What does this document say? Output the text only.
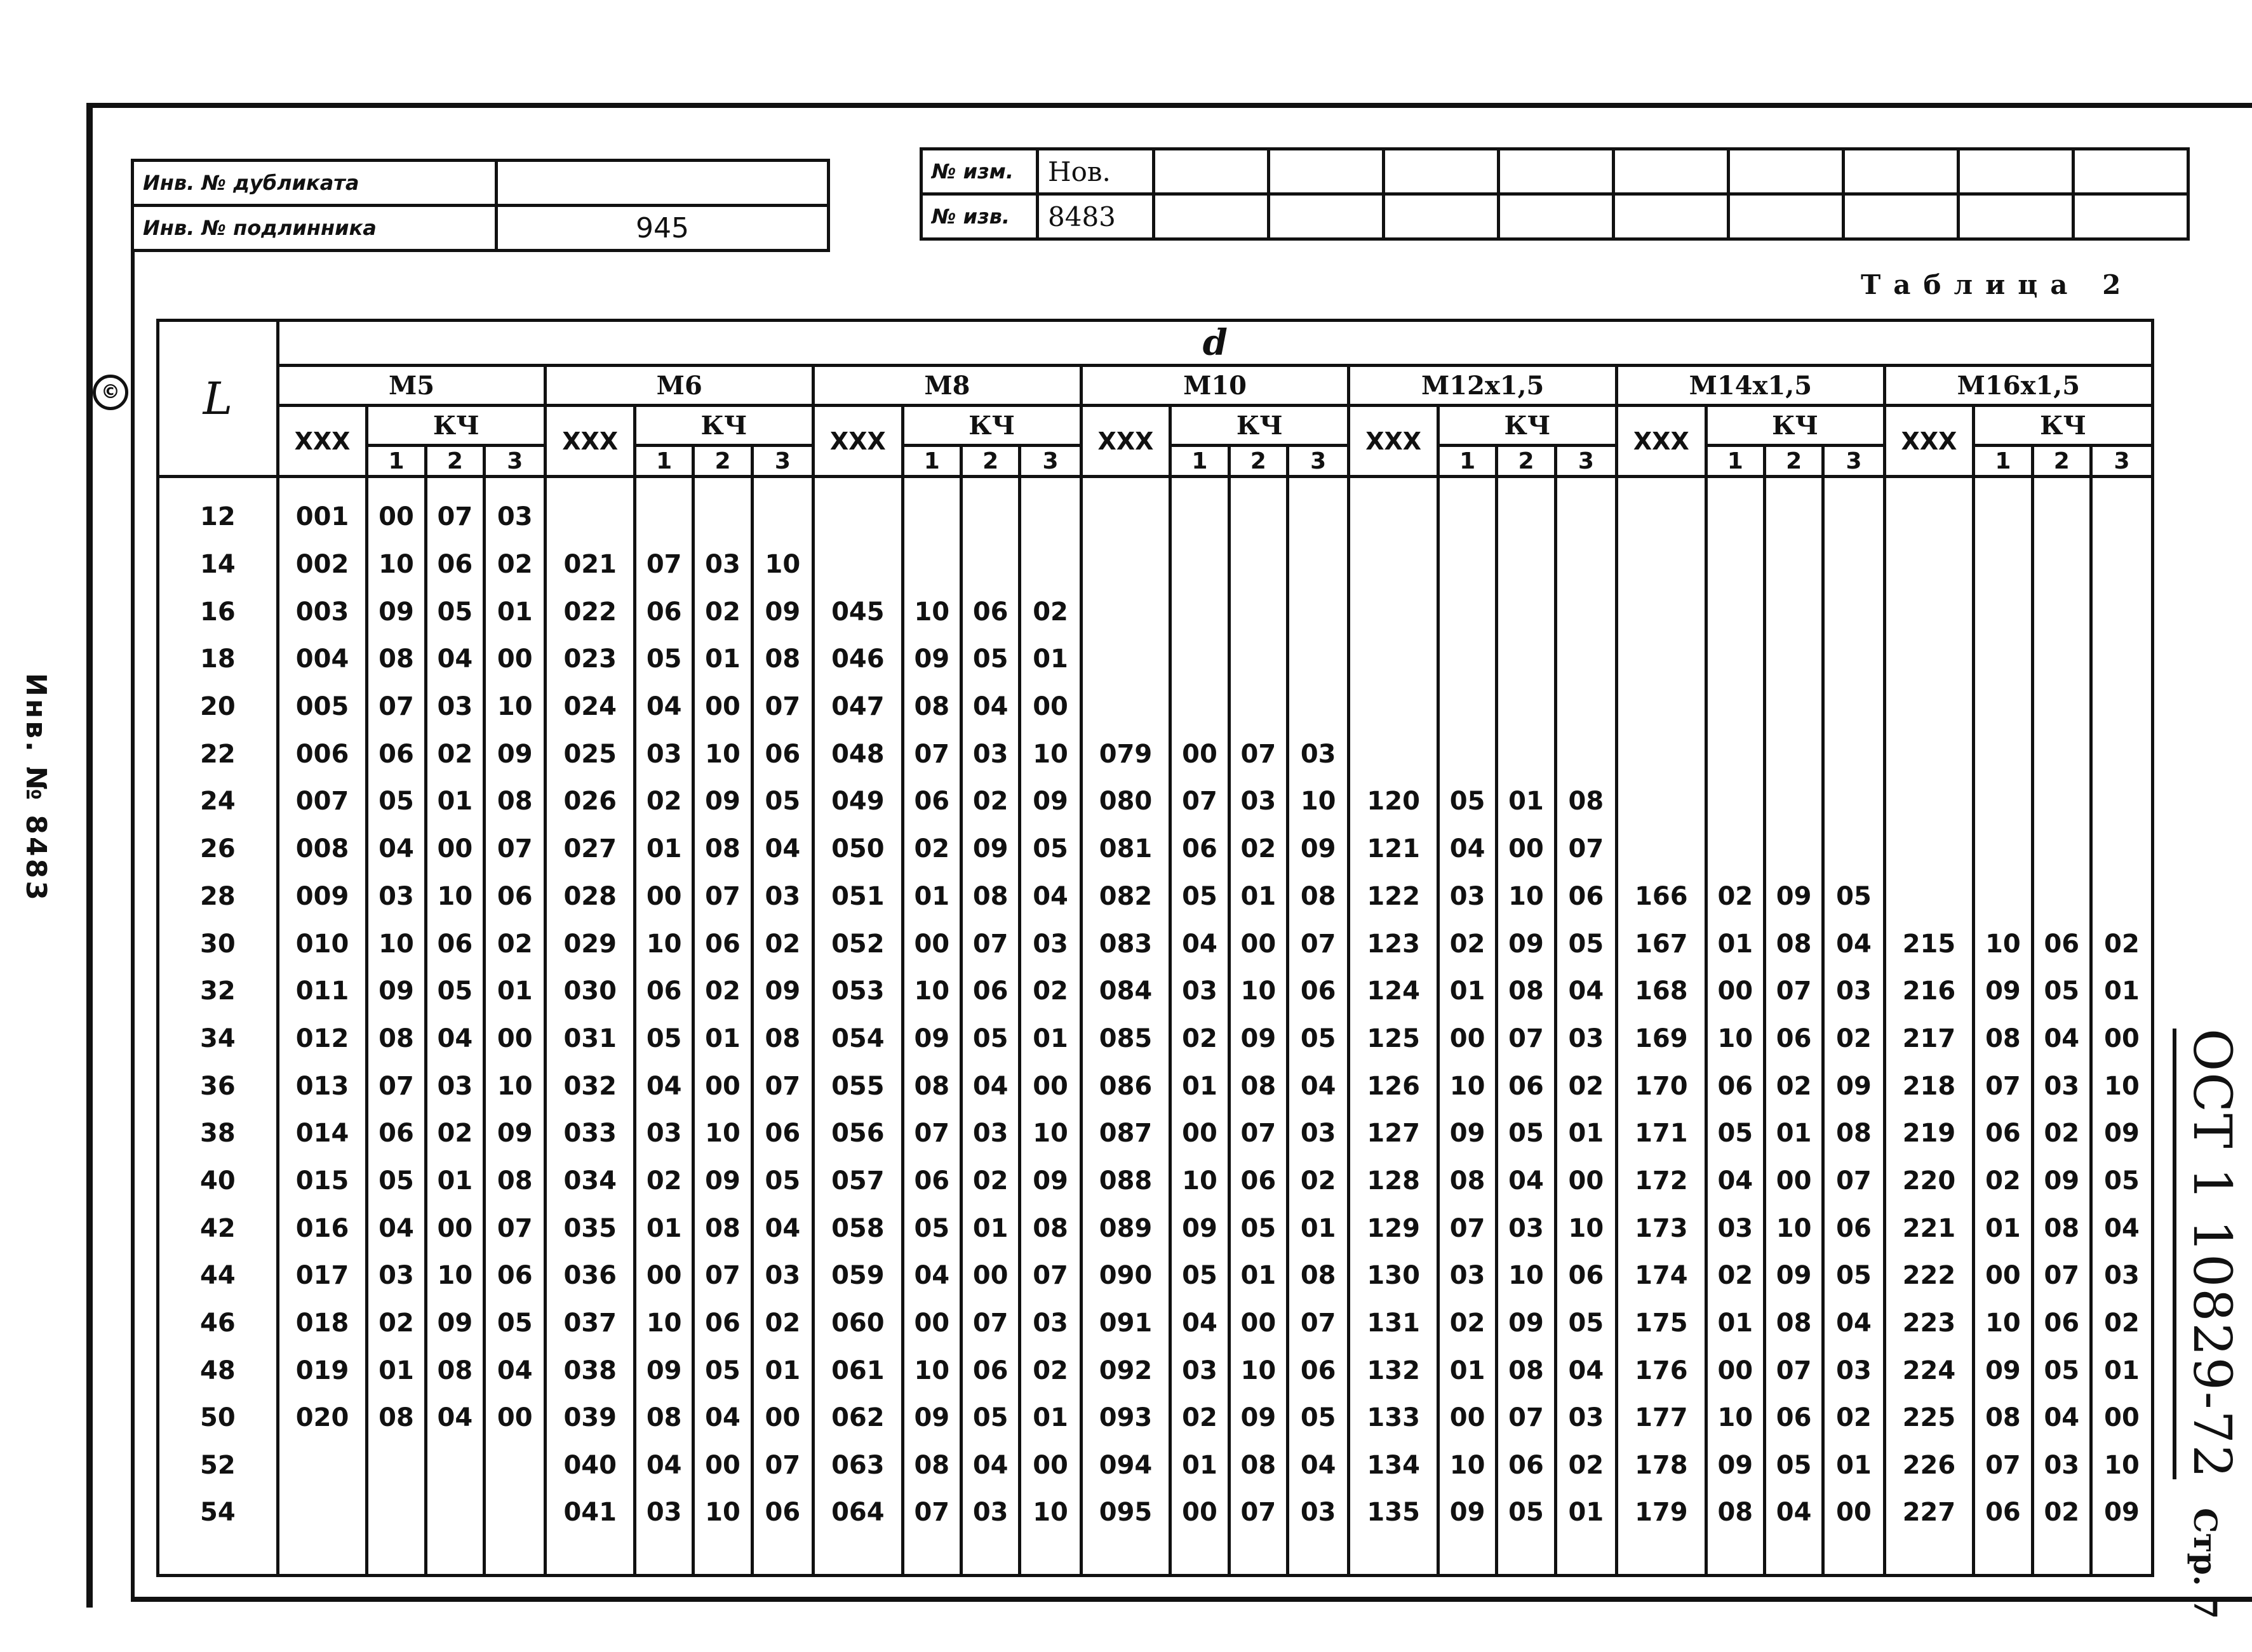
Инв. № дубликата	
Инв. № подлинника	945
№ изм.	Нов.									
№ изв.	8483									
Таблица 2
©
Инв. № 8483
ОСТ 1 10829-72 Стр. 7
L	d																											
	M5				M6				M8				M10				M12x1,5				M14x1,5				M16x1,5			
	ХХХ	КЧ			ХХХ	КЧ			ХХХ	КЧ			ХХХ	КЧ			ХХХ	КЧ			ХХХ	КЧ			ХХХ	КЧ		
		1	2	3		1	2	3		1	2	3		1	2	3		1	2	3		1	2	3		1	2	3

12	001	00	07	03																								
14	002	10	06	02	021	07	03	10																				
16	003	09	05	01	022	06	02	09	045	10	06	02																
18	004	08	04	00	023	05	01	08	046	09	05	01																
20	005	07	03	10	024	04	00	07	047	08	04	00																
22	006	06	02	09	025	03	10	06	048	07	03	10	079	00	07	03												
24	007	05	01	08	026	02	09	05	049	06	02	09	080	07	03	10	120	05	01	08								
26	008	04	00	07	027	01	08	04	050	02	09	05	081	06	02	09	121	04	00	07								
28	009	03	10	06	028	00	07	03	051	01	08	04	082	05	01	08	122	03	10	06	166	02	09	05				
30	010	10	06	02	029	10	06	02	052	00	07	03	083	04	00	07	123	02	09	05	167	01	08	04	215	10	06	02
32	011	09	05	01	030	06	02	09	053	10	06	02	084	03	10	06	124	01	08	04	168	00	07	03	216	09	05	01
34	012	08	04	00	031	05	01	08	054	09	05	01	085	02	09	05	125	00	07	03	169	10	06	02	217	08	04	00
36	013	07	03	10	032	04	00	07	055	08	04	00	086	01	08	04	126	10	06	02	170	06	02	09	218	07	03	10
38	014	06	02	09	033	03	10	06	056	07	03	10	087	00	07	03	127	09	05	01	171	05	01	08	219	06	02	09
40	015	05	01	08	034	02	09	05	057	06	02	09	088	10	06	02	128	08	04	00	172	04	00	07	220	02	09	05
42	016	04	00	07	035	01	08	04	058	05	01	08	089	09	05	01	129	07	03	10	173	03	10	06	221	01	08	04
44	017	03	10	06	036	00	07	03	059	04	00	07	090	05	01	08	130	03	10	06	174	02	09	05	222	00	07	03
46	018	02	09	05	037	10	06	02	060	00	07	03	091	04	00	07	131	02	09	05	175	01	08	04	223	10	06	02
48	019	01	08	04	038	09	05	01	061	10	06	02	092	03	10	06	132	01	08	04	176	00	07	03	224	09	05	01
50	020	08	04	00	039	08	04	00	062	09	05	01	093	02	09	05	133	00	07	03	177	10	06	02	225	08	04	00
52					040	04	00	07	063	08	04	00	094	01	08	04	134	10	06	02	178	09	05	01	226	07	03	10
54					041	03	10	06	064	07	03	10	095	00	07	03	135	09	05	01	179	08	04	00	227	06	02	09
